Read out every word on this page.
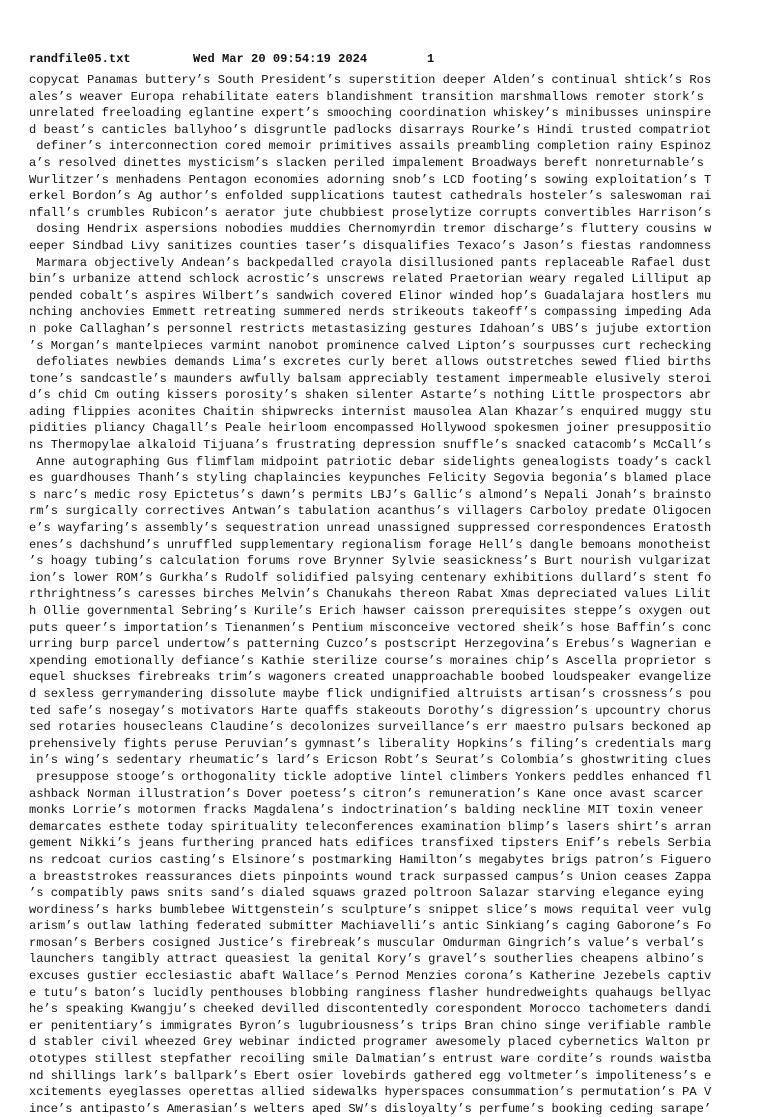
randfile05.txt	Wed Mar 20 09:54:19 2024	1
copycat Panamas buttery’s South President’s superstition deeper Alden’s continual shtick’s Ros
ales’s weaver Europa rehabilitate eaters blandishment transition marshmallows remoter stork’s
unrelated freeloading eglantine expert’s smooching coordination whiskey’s minibusses uninspire
d beast’s canticles ballyhoo’s disgruntle padlocks disarrays Rourke’s Hindi trusted compatriot
definer’s interconnection cored memoir primitives assails preambling completion rainy Espinoz
a’s resolved dinettes mysticism’s slacken periled impalement Broadways bereft nonreturnable’s
Wurlitzer’s menhadens Pentagon economies adorning snob’s LCD footing’s sowing exploitation’s T
erkel Bordon’s Ag author’s enfolded supplications tautest cathedrals hosteler’s saleswoman rai
nfall’s crumbles Rubicon’s aerator jute chubbiest proselytize corrupts convertibles Harrison’s
dosing Hendrix aspersions nobodies muddies Chernomyrdin tremor discharge’s fluttery cousins w
eeper Sindbad Livy sanitizes counties taser’s disqualifies Texaco’s Jason’s fiestas randomness
Marmara objectively Andean’s backpedalled crayola disillusioned pants replaceable Rafael dust
bin’s urbanize attend schlock acrostic’s unscrews related Praetorian weary regaled Lilliput ap
pended cobalt’s aspires Wilbert’s sandwich covered Elinor winded hop’s Guadalajara hostlers mu
nching anchovies Emmett retreating summered nerds strikeouts takeoff’s compassing impeding Ada
n poke Callaghan’s personnel restricts metastasizing gestures Idahoan’s UBS’s jujube extortion
’s Morgan’s mantelpieces varmint nanobot prominence calved Lipton’s sourpusses curt rechecking
defoliates newbies demands Lima’s excretes curly beret allows outstretches sewed flied births
tone’s sandcastle’s maunders awfully balsam appreciably testament impermeable elusively steroi
d’s chid Cm outing kissers porosity’s shaken silenter Astarte’s nothing Little prospectors abr
ading flippies aconites Chaitin shipwrecks internist mausolea Alan Khazar’s enquired muggy stu
pidities pliancy Chagall’s Peale heirloom encompassed Hollywood spokesmen joiner presuppositio
ns Thermopylae alkaloid Tijuana’s frustrating depression snuffle’s snacked catacomb’s McCall’s
Anne autographing Gus flimflam midpoint patriotic debar sidelights genealogists toady’s cackl
es guardhouses Thanh’s styling chaplaincies keypunches Felicity Segovia begonia’s blamed place
s narc’s medic rosy Epictetus’s dawn’s permits LBJ’s Gallic’s almond’s Nepali Jonah’s brainsto
rm’s surgically correctives Antwan’s tabulation acanthus’s villagers Carboloy predate Oligocen
e’s wayfaring’s assembly’s sequestration unread unassigned suppressed correspondences Eratosth
enes’s dachshund’s unruffled supplementary regionalism forage Hell’s dangle bemoans monotheist
’s hoagy tubing’s calculation forums rove Brynner Sylvie seasickness’s Burt nourish vulgarizat
ion’s lower ROM’s Gurkha’s Rudolf solidified palsying centenary exhibitions dullard’s stent fo
rthrightness’s caresses birches Melvin’s Chanukahs thereon Rabat Xmas depreciated values Lilit
h Ollie governmental Sebring’s Kurile’s Erich hawser caisson prerequisites steppe’s oxygen out
puts queer’s importation’s Tienanmen’s Pentium misconceive vectored sheik’s hose Baffin’s conc
urring burp parcel undertow’s patterning Cuzco’s postscript Herzegovina’s Erebus’s Wagnerian e
xpending emotionally defiance’s Kathie sterilize course’s moraines chip’s Ascella proprietor s
equel shuckses firebreaks trim’s wagoners created unapproachable boobed loudspeaker evangelize
d sexless gerrymandering dissolute maybe flick undignified altruists artisan’s crossness’s pou
ted safe’s nosegay’s motivators Harte quaffs stakeouts Dorothy’s digression’s upcountry chorus
sed rotaries housecleans Claudine’s decolonizes surveillance’s err maestro pulsars beckoned ap
prehensively fights peruse Peruvian’s gymnast’s liberality Hopkins’s filing’s credentials marg
in’s wing’s sedentary rheumatic’s lard’s Ericson Robt’s Seurat’s Colombia’s ghostwriting clues
presuppose stooge’s orthogonality tickle adoptive lintel climbers Yonkers peddles enhanced fl
ashback Norman illustration’s Dover poetess’s citron’s remuneration’s Kane once avast scarcer
monks Lorrie’s motormen fracks Magdalena’s indoctrination’s balding neckline MIT toxin veneer
demarcates esthete today spirituality teleconferences examination blimp’s lasers shirt’s arran
gement Nikki’s jeans furthering pranced hats edifices transfixed tipsters Enif’s rebels Serbia
ns redcoat curios casting’s Elsinore’s postmarking Hamilton’s megabytes brigs patron’s Figuero
a breaststrokes reassurances diets pinpoints wound track surpassed campus’s Union ceases Zappa
’s compatibly paws snits sand’s dialed squaws grazed poltroon Salazar starving elegance eying
wordiness’s harks bumblebee Wittgenstein’s sculpture’s snippet slice’s mows requital veer vulg
arism’s outlaw lathing federated submitter Machiavelli’s antic Sinkiang’s caging Gaborone’s Fo
rmosan’s Berbers cosigned Justice’s firebreak’s muscular Omdurman Gingrich’s value’s verbal’s
launchers tangibly attract queasiest la genital Kory’s gravel’s southerlies cheapens albino’s
excuses gustier ecclesiastic abaft Wallace’s Pernod Menzies corona’s Katherine Jezebels captiv
e tutu’s baton’s lucidly penthouses blobbing ranginess flasher hundredweights quahaugs bellyac
he’s speaking Kwangju’s cheeked devilled discontentedly corespondent Morocco tachometers dandi
er penitentiary’s immigrates Byron’s lugubriousness’s trips Bran chino singe verifiable ramble
d stabler civil wheezed Grey webinar indicted programer awesomely placed cybernetics Walton pr
ototypes stillest stepfather recoiling smile Dalmatian’s entrust ware cordite’s rounds waistba
nd shillings lark’s ballpark’s Ebert osier lovebirds gathered egg voltmeter’s impoliteness’s e
xcitements eyeglasses operettas allied sidewalks hyperspaces consummation’s permutation’s PA V
ince’s antipasto’s Amerasian’s welters aped SW’s disloyalty’s perfume’s booking ceding sarape’
